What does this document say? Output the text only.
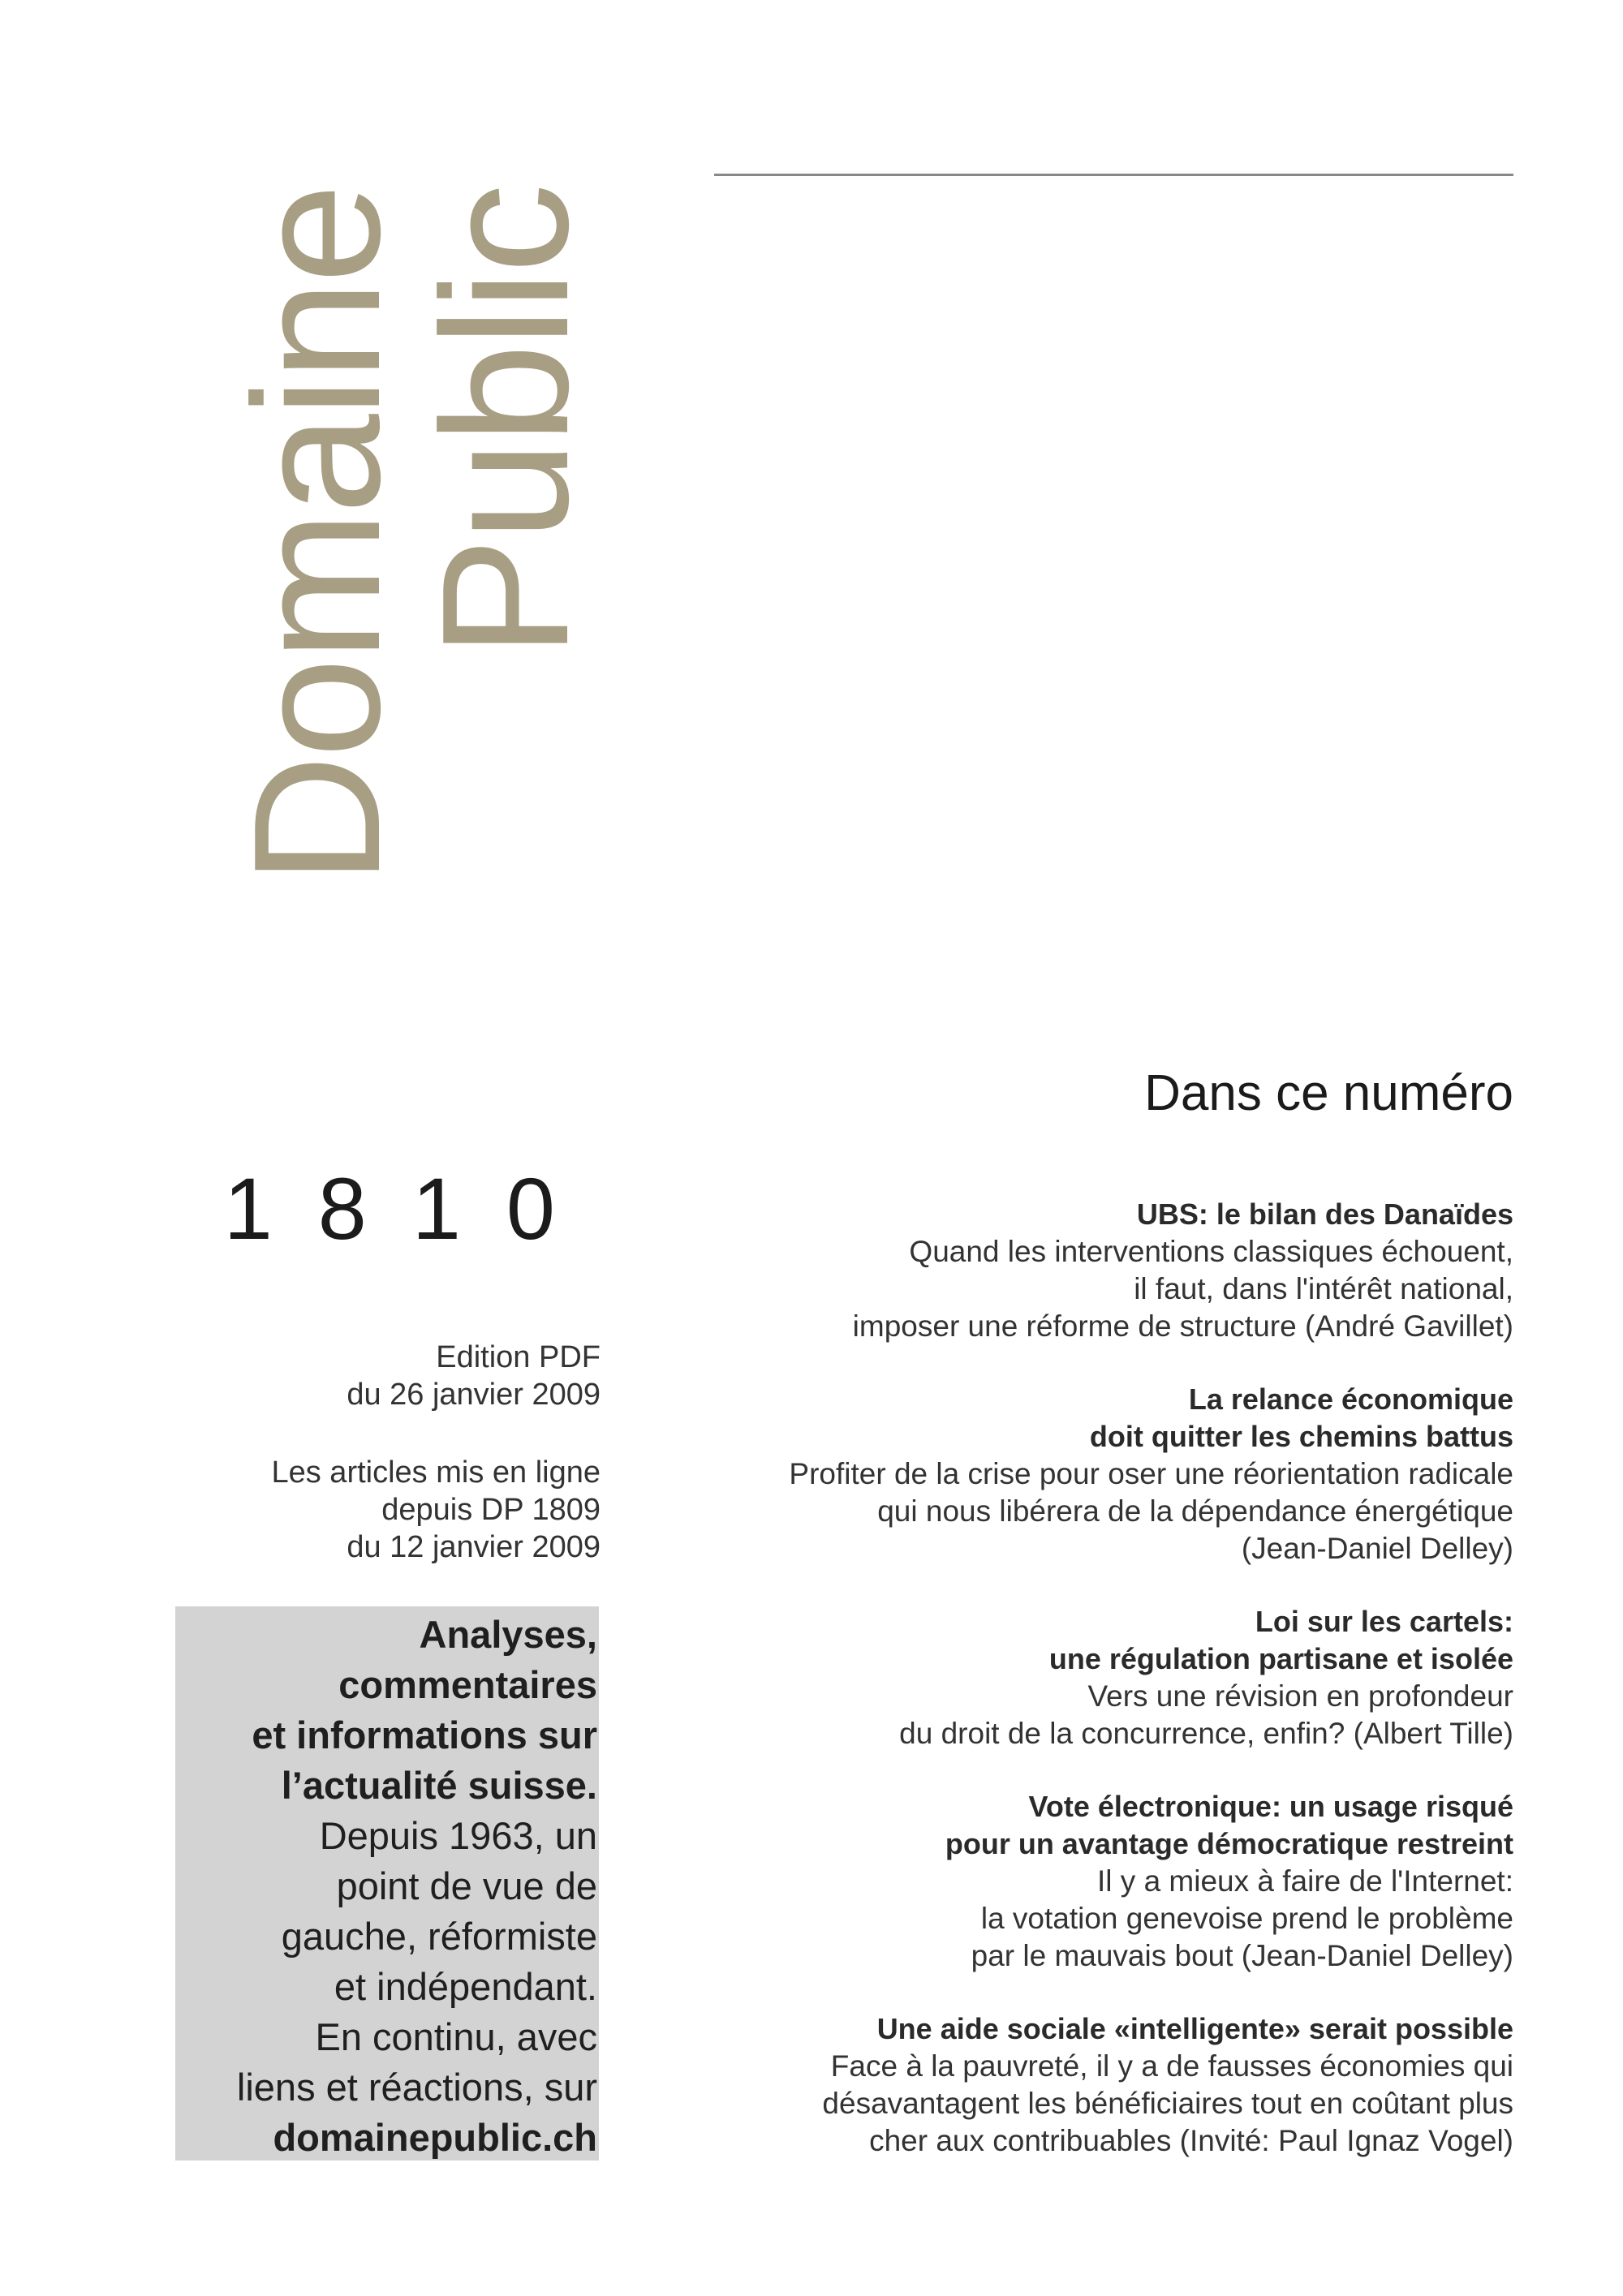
Domaine
Public
1810
Edition PDF
du 26 janvier 2009
Les articles mis en ligne
depuis DP 1809
du 12 janvier 2009
Analyses,
commentaires
et informations sur
l’actualité suisse.
Depuis 1963, un
point de vue de
gauche, réformiste
et indépendant.
En continu, avec
liens et réactions, sur
domainepublic.ch
Dans ce numéro
UBS: le bilan des Danaïdes
Quand les interventions classiques échouent,
il faut, dans l'intérêt national,
imposer une réforme de structure (André Gavillet)
La relance économique
doit quitter les chemins battus
Profiter de la crise pour oser une réorientation radicale
qui nous libérera de la dépendance énergétique
(Jean-Daniel Delley)
Loi sur les cartels:
une régulation partisane et isolée
Vers une révision en profondeur
du droit de la concurrence, enfin? (Albert Tille)
Vote électronique: un usage risqué
pour un avantage démocratique restreint
Il y a mieux à faire de l'Internet:
la votation genevoise prend le problème
par le mauvais bout (Jean-Daniel Delley)
Une aide sociale «intelligente» serait possible
Face à la pauvreté, il y a de fausses économies qui
désavantagent les bénéficiaires tout en coûtant plus
cher aux contribuables (Invité: Paul Ignaz Vogel)
